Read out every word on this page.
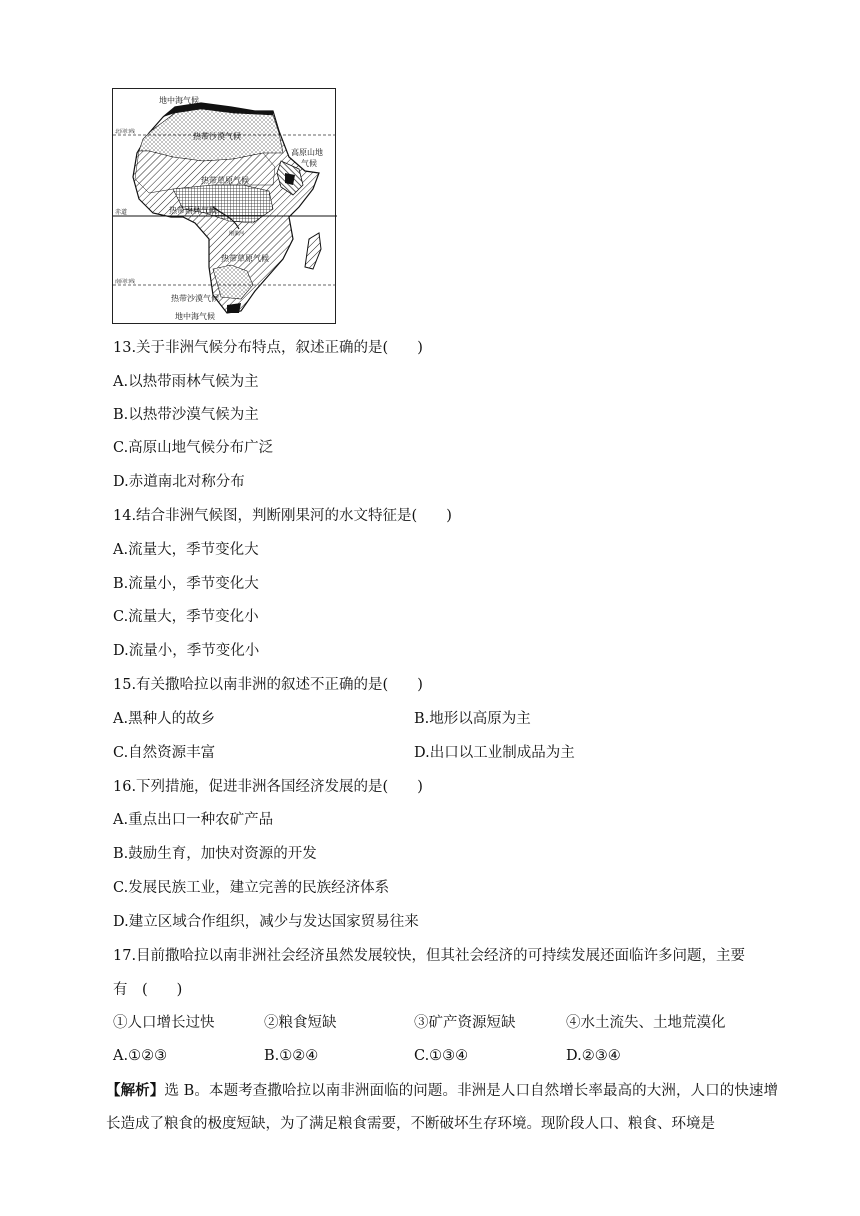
地中海气候
北回归线	热带沙漠气候
高原山地
气候
热带草原气候
赤道	热带雨林气候
刚果河
热带草原气候
南回归线
热带沙漠气候
地中海气候
13.关于非洲气候分布特点，叙述正确的是(　　)
A.以热带雨林气候为主
B.以热带沙漠气候为主
C.高原山地气候分布广泛
D.赤道南北对称分布
14.结合非洲气候图，判断刚果河的水文特征是(　　)
A.流量大，季节变化大
B.流量小，季节变化大
C.流量大，季节变化小
D.流量小，季节变化小
15.有关撒哈拉以南非洲的叙述不正确的是(　　)
A.黑种人的故乡	B.地形以高原为主
C.自然资源丰富	D.出口以工业制成品为主
16.下列措施，促进非洲各国经济发展的是(　　)
A.重点出口一种农矿产品
B.鼓励生育，加快对资源的开发
C.发展民族工业，建立完善的民族经济体系
D.建立区域合作组织，减少与发达国家贸易往来
17.目前撒哈拉以南非洲社会经济虽然发展较快，但其社会经济的可持续发展还面临许多问题，主要
有　(　　)
①人口增长过快	②粮食短缺	③矿产资源短缺	④水土流失、土地荒漠化
A.①②③	B.①②④	C.①③④	D.②③④
【解析】选 B。本题考查撒哈拉以南非洲面临的问题。非洲是人口自然增长率最高的大洲，人口的快速增长造成了粮食的极度短缺，为了满足粮食需要，不断破坏生存环境。现阶段人口、粮食、环境是
